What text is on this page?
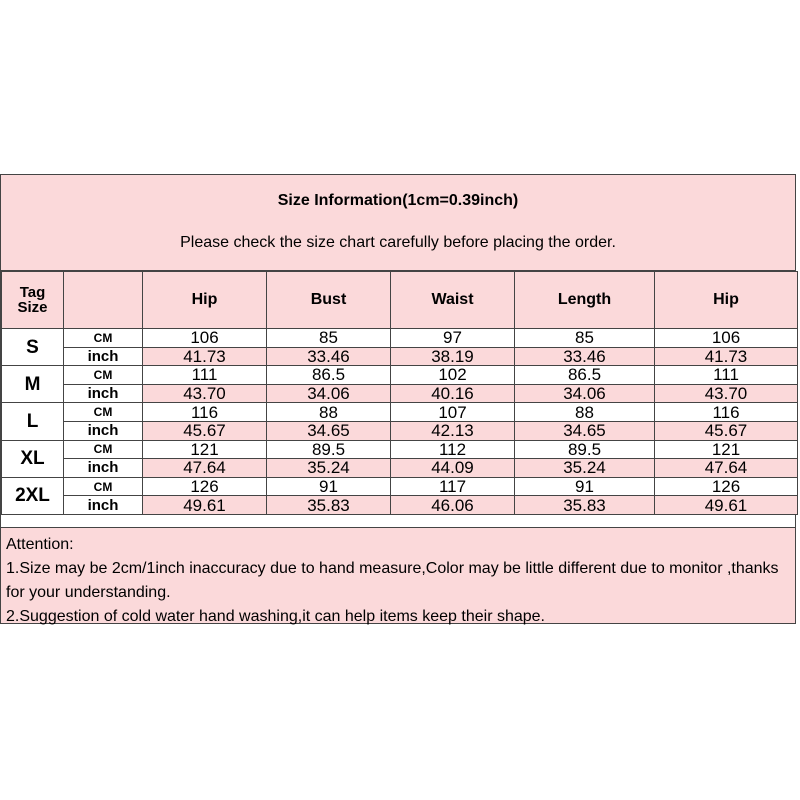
Size Information(1cm=0.39inch)
Please check the size chart carefully before placing the order.
Tag
Size		Hip	Bust	Waist	Length	Hip
S	CM	106	85	97	85	106
	inch	41.73	33.46	38.19	33.46	41.73
M	CM	111	86.5	102	86.5	111
	inch	43.70	34.06	40.16	34.06	43.70
L	CM	116	88	107	88	116
	inch	45.67	34.65	42.13	34.65	45.67
XL	CM	121	89.5	112	89.5	121
	inch	47.64	35.24	44.09	35.24	47.64
2XL	CM	126	91	117	91	126
	inch	49.61	35.83	46.06	35.83	49.61
Attention:
1.Size may be 2cm/1inch inaccuracy due to hand measure,Color may be little different due to monitor ,thanks for your understanding.
2.Suggestion of cold water hand washing,it can help items keep their shape.
